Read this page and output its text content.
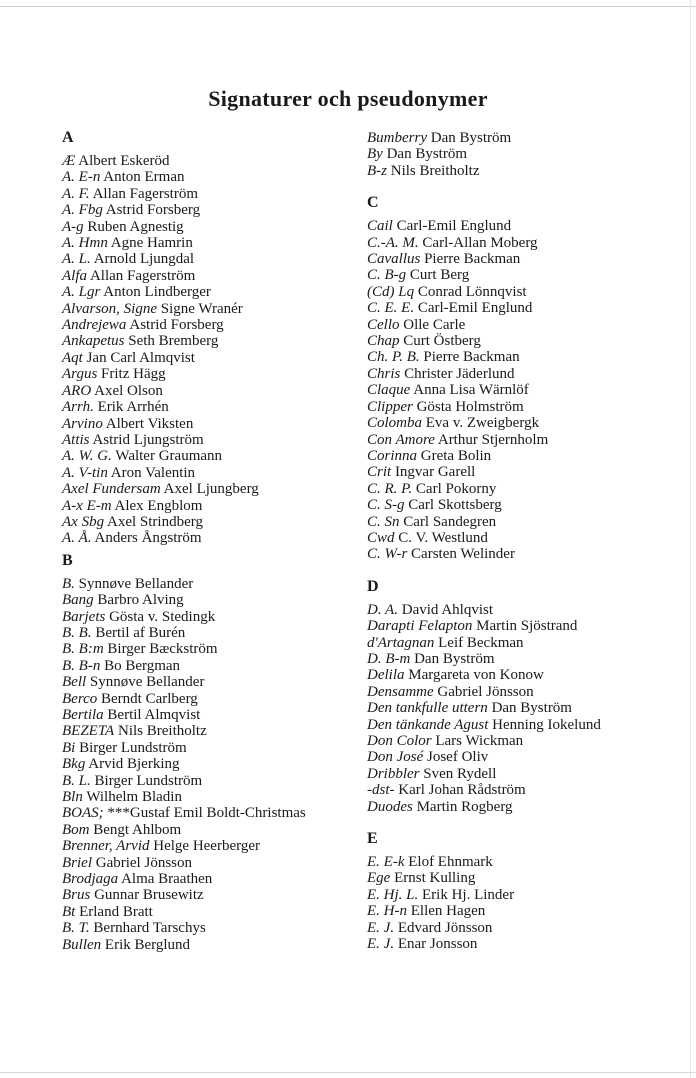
Signaturer och pseudonymer
A
Æ Albert Eskeröd
A. E-n Anton Erman
A. F. Allan Fagerström
A. Fbg Astrid Forsberg
A-g Ruben Agnestig
A. Hmn Agne Hamrin
A. L. Arnold Ljungdal
Alfa Allan Fagerström
A. Lgr Anton Lindberger
Alvarson, Signe Signe Wranér
Andrejewa Astrid Forsberg
Ankapetus Seth Bremberg
Aqt Jan Carl Almqvist
Argus Fritz Hägg
ARO Axel Olson
Arrh. Erik Arrhén
Arvino Albert Viksten
Attis Astrid Ljungström
A. W. G. Walter Graumann
A. V-tin Aron Valentin
Axel Fundersam Axel Ljungberg
A-x E-m Alex Engblom
Ax Sbg Axel Strindberg
A. Å. Anders Ångström
B
B. Synnøve Bellander
Bang Barbro Alving
Barjets Gösta v. Stedingk
B. B. Bertil af Burén
B. B:m Birger Bæckström
B. B-n Bo Bergman
Bell Synnøve Bellander
Berco Berndt Carlberg
Bertila Bertil Almqvist
BEZETA Nils Breitholtz
Bi Birger Lundström
Bkg Arvid Bjerking
B. L. Birger Lundström
Bln Wilhelm Bladin
BOAS; ***Gustaf Emil Boldt-Christmas
Bom Bengt Ahlbom
Brenner, Arvid Helge Heerberger
Briel Gabriel Jönsson
Brodjaga Alma Braathen
Brus Gunnar Brusewitz
Bt Erland Bratt
B. T. Bernhard Tarschys
Bullen Erik Berglund
Bumberry Dan Byström
By Dan Byström
B-z Nils Breitholtz
C
Cail Carl-Emil Englund
C.-A. M. Carl-Allan Moberg
Cavallus Pierre Backman
C. B-g Curt Berg
(Cd) Lq Conrad Lönnqvist
C. E. E. Carl-Emil Englund
Cello Olle Carle
Chap Curt Östberg
Ch. P. B. Pierre Backman
Chris Christer Jäderlund
Claque Anna Lisa Wärnlöf
Clipper Gösta Holmström
Colomba Eva v. Zweigbergk
Con Amore Arthur Stjernholm
Corinna Greta Bolin
Crit Ingvar Garell
C. R. P. Carl Pokorny
C. S-g Carl Skottsberg
C. Sn Carl Sandegren
Cwd C. V. Westlund
C. W-r Carsten Welinder
D
D. A. David Ahlqvist
Darapti Felapton Martin Sjöstrand
d'Artagnan Leif Beckman
D. B-m Dan Byström
Delila Margareta von Konow
Densamme Gabriel Jönsson
Den tankfulle uttern Dan Byström
Den tänkande Agust Henning Iokelund
Don Color Lars Wickman
Don José Josef Oliv
Dribbler Sven Rydell
-dst- Karl Johan Rådström
Duodes Martin Rogberg
E
E. E-k Elof Ehnmark
Ege Ernst Kulling
E. Hj. L. Erik Hj. Linder
E. H-n Ellen Hagen
E. J. Edvard Jönsson
E. J. Enar Jonsson
